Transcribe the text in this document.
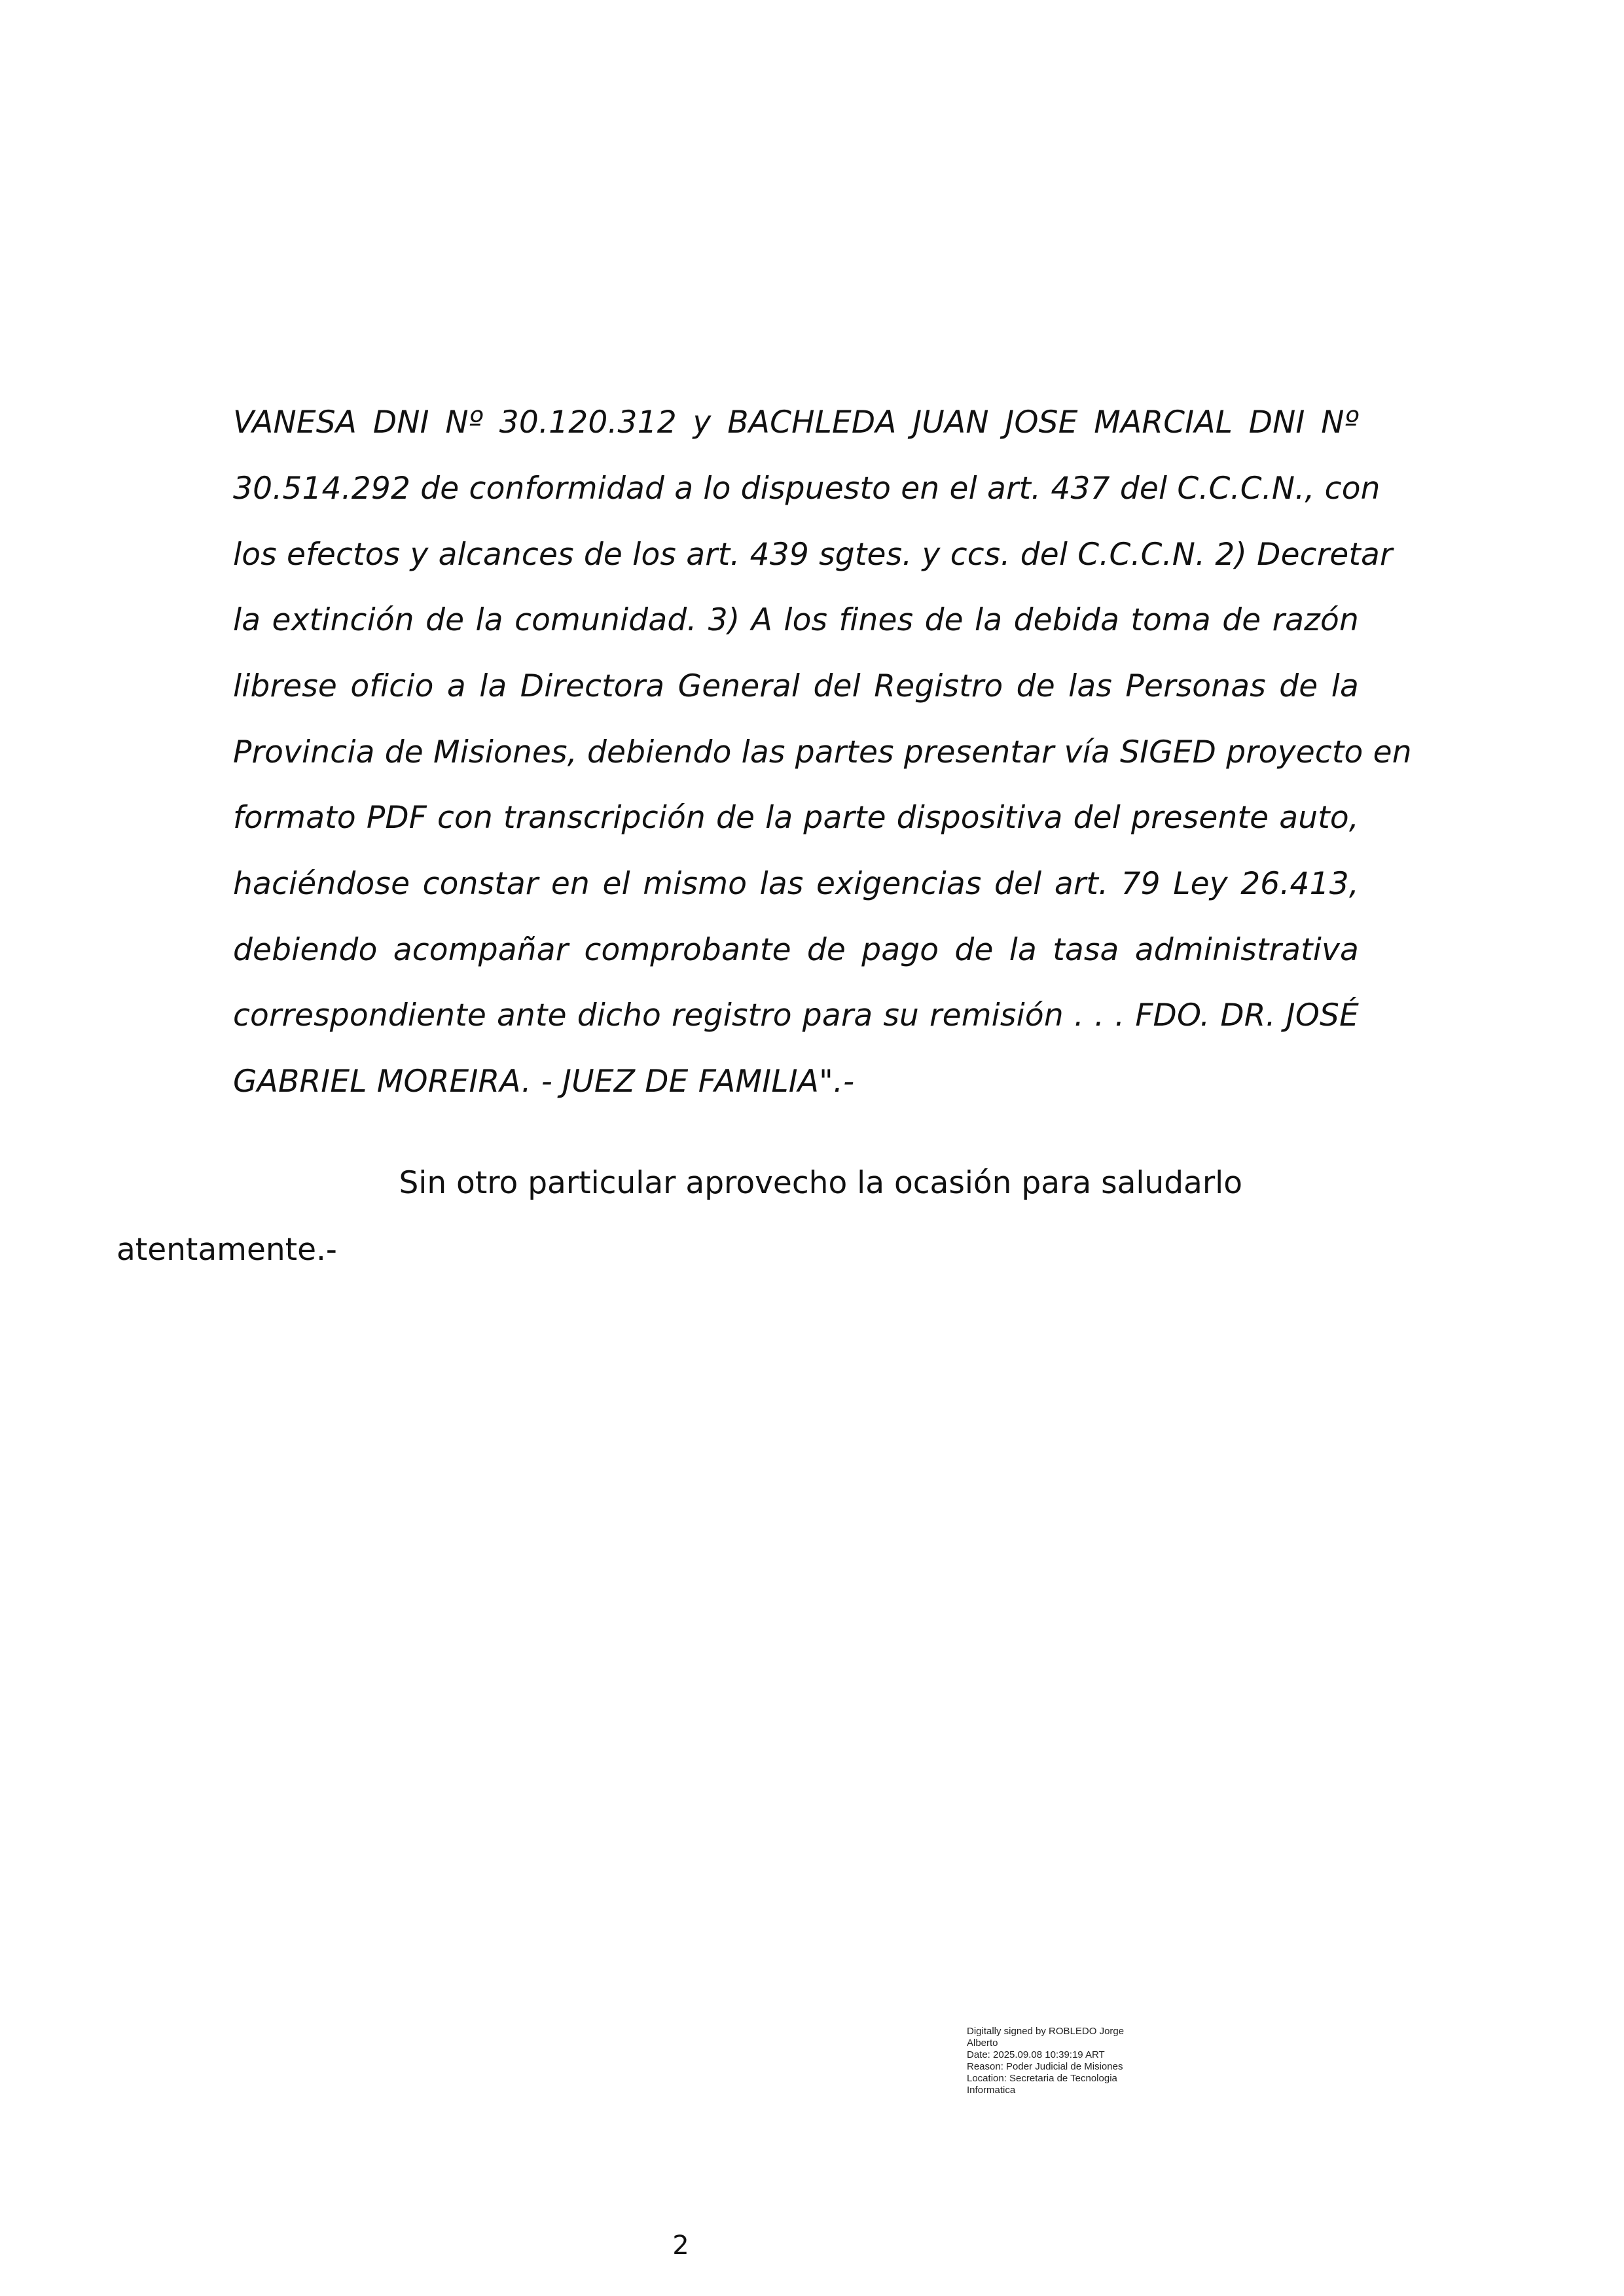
VANESA DNI Nº 30.120.312 y BACHLEDA JUAN JOSE MARCIAL DNI Nº
30.514.292 de conformidad a lo dispuesto en el art. 437 del C.C.C.N., con
los efectos y alcances de los art. 439 sgtes. y ccs. del C.C.C.N. 2) Decretar
la extinción de la comunidad. 3) A los fines de la debida toma de razón
librese oficio a la Directora General del Registro de las Personas de la
Provincia de Misiones, debiendo las partes presentar vía SIGED proyecto en
formato PDF con transcripción de la parte dispositiva del presente auto,
haciéndose constar en el mismo las exigencias del art. 79 Ley 26.413,
debiendo acompañar comprobante de pago de la tasa administrativa
correspondiente ante dicho registro para su remisión . . . FDO. DR. JOSÉ
GABRIEL MOREIRA. - JUEZ DE FAMILIA".-
Sin otro particular aprovecho la ocasión para saludarlo
atentamente.-
Digitally signed by ROBLEDO Jorge
Alberto
Date: 2025.09.08 10:39:19 ART
Reason: Poder Judicial de Misiones
Location: Secretaria de Tecnologia
Informatica
2
